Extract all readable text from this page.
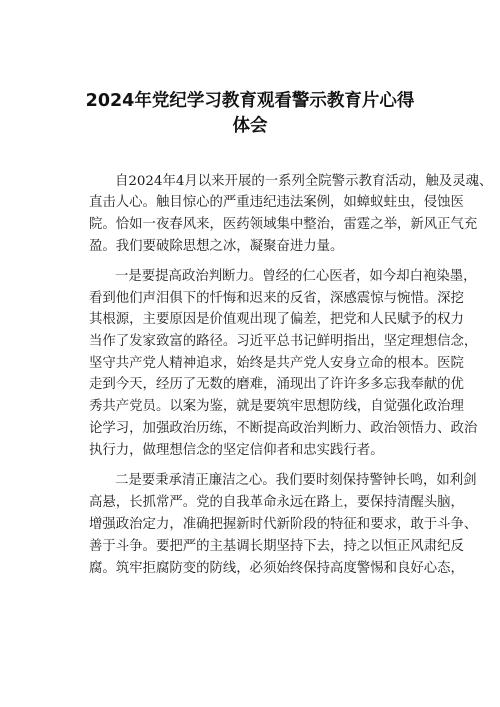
2024年党纪学习教育观看警示教育片心得
体会

自2024年4月以来开展的一系列全院警示教育活动，触及灵魂、

直击人心。触目惊心的严重违纪违法案例，如蟑蚁蛀虫，侵蚀医

院。恰如一夜春风来，医药领域集中整治，雷霆之举，新风正气充

盈。我们要破除思想之冰，凝聚奋进力量。

一是要提高政治判断力。曾经的仁心医者，如今却白袍染墨，

看到他们声泪俱下的忏悔和迟来的反省，深感震惊与惋惜。深挖

其根源，主要原因是价值观出现了偏差，把党和人民赋予的权力

当作了发家致富的路径。习近平总书记鲜明指出，坚定理想信念，

坚守共产党人精神追求，始终是共产党人安身立命的根本。医院

走到今天，经历了无数的磨难，涌现出了许许多多忘我奉献的优

秀共产党员。以案为鉴，就是要筑牢思想防线，自觉强化政治理

论学习，加强政治历练，不断提高政治判断力、政治领悟力、政治

执行力，做理想信念的坚定信仰者和忠实践行者。

二是要秉承清正廉洁之心。我们要时刻保持警钟长鸣，如利剑

高悬，长抓常严。党的自我革命永远在路上，要保持清醒头脑，

增强政治定力，准确把握新时代新阶段的特征和要求，敢于斗争、

善于斗争。要把严的主基调长期坚持下去，持之以恒正风肃纪反

腐。筑牢拒腐防变的防线，必须始终保持高度警惕和良好心态，
